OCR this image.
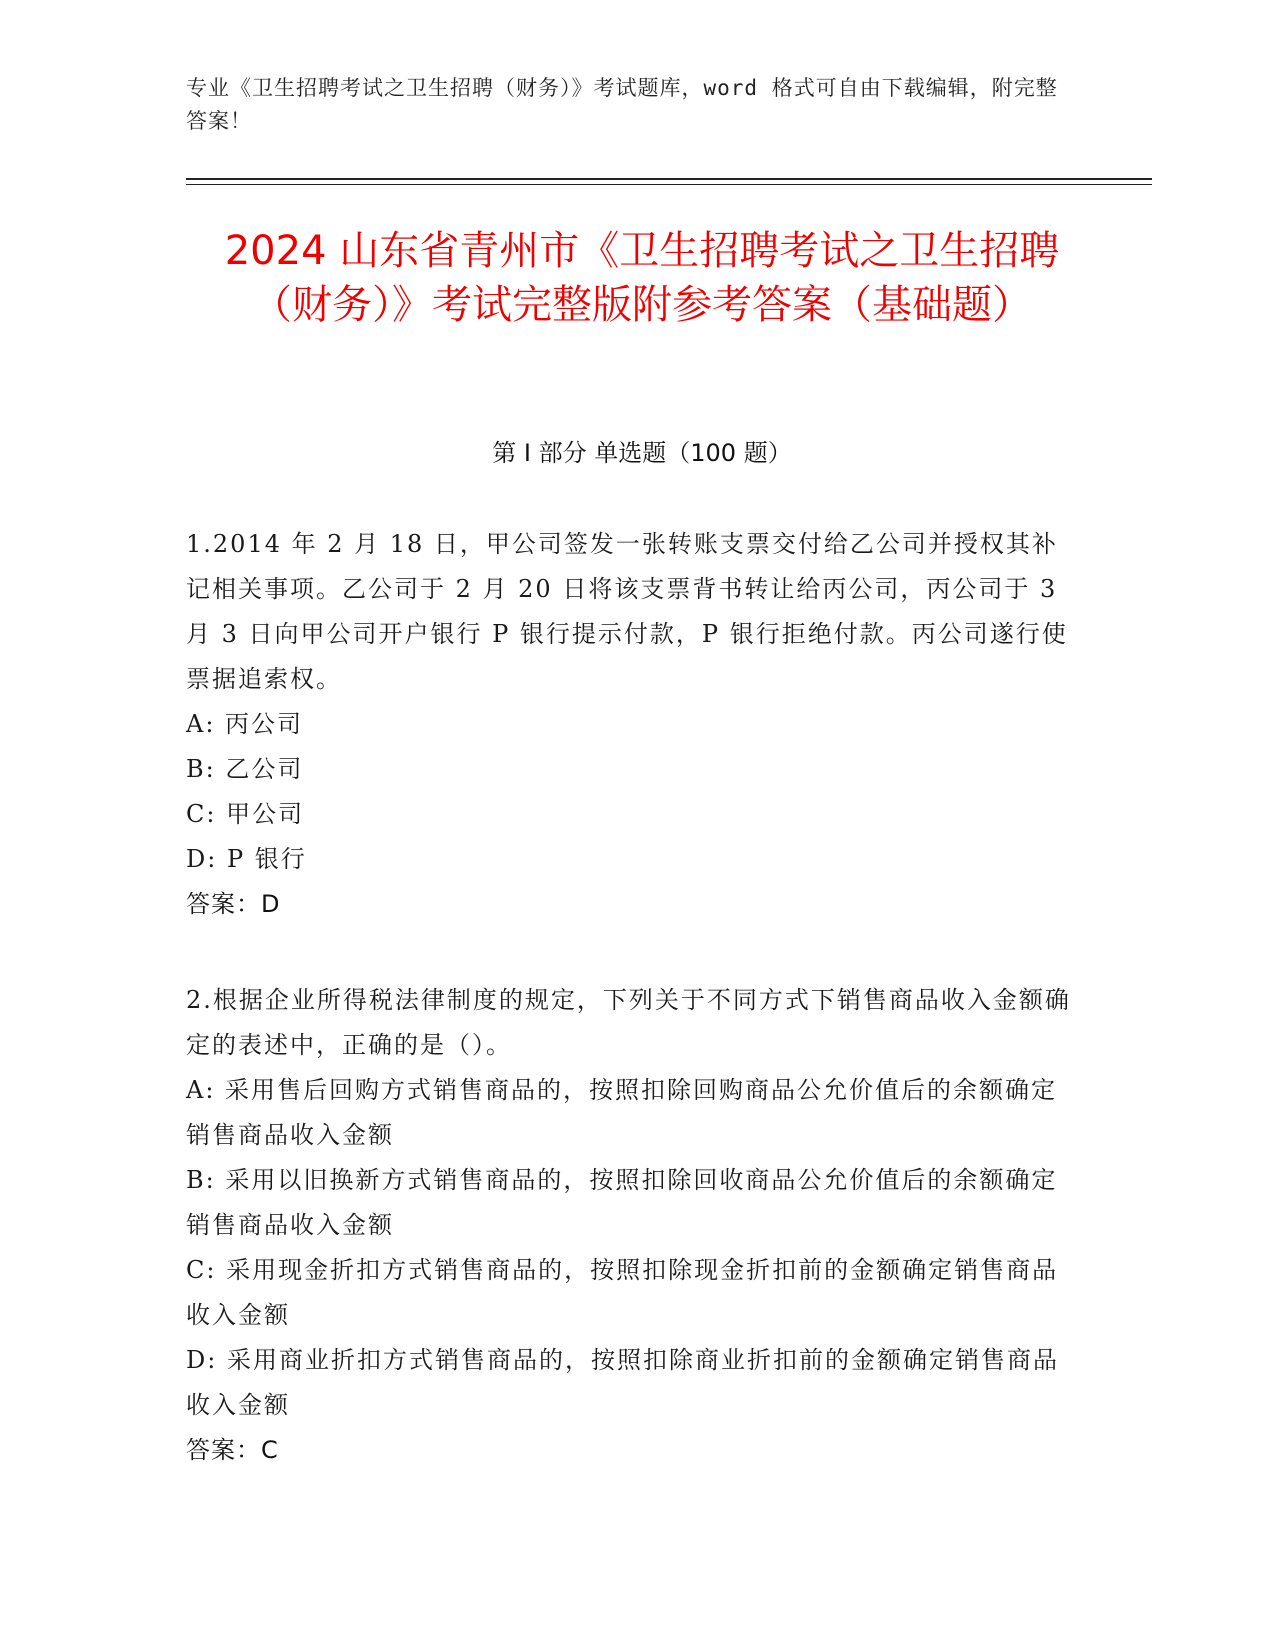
专业《卫生招聘考试之卫生招聘（财务）》考试题库，word 格式可自由下载编辑，附完整答案！
2024 山东省青州市《卫生招聘考试之卫生招聘（财务）》考试完整版附参考答案（基础题）
第 I 部分 单选题（100 题）

1.2014 年 2 月 18 日，甲公司签发一张转账支票交付给乙公司并授权其补记相关事项。乙公司于 2 月 20 日将该支票背书转让给丙公司，丙公司于 3 月 3 日向甲公司开户银行 P 银行提示付款，P 银行拒绝付款。丙公司遂行使票据追索权。

A: 丙公司

B: 乙公司

C: 甲公司

D: P 银行

答案：D

2.根据企业所得税法律制度的规定，下列关于不同方式下销售商品收入金额确定的表述中，正确的是（）。

A: 采用售后回购方式销售商品的，按照扣除回购商品公允价值后的余额确定销售商品收入金额

B: 采用以旧换新方式销售商品的，按照扣除回收商品公允价值后的余额确定销售商品收入金额

C: 采用现金折扣方式销售商品的，按照扣除现金折扣前的金额确定销售商品收入金额

D: 采用商业折扣方式销售商品的，按照扣除商业折扣前的金额确定销售商品收入金额

答案：C
